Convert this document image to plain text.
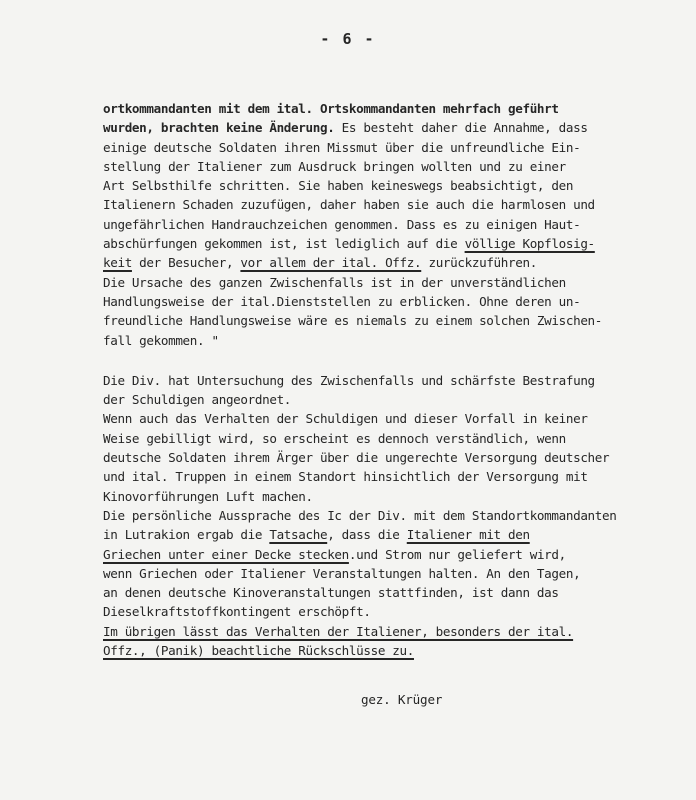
- 6 -
ortkommandanten mit dem ital. Ortskommandanten mehrfach geführt
wurden, brachten keine Änderung. Es besteht daher die Annahme, dass
einige deutsche Soldaten ihren Missmut über die unfreundliche Ein-
stellung der Italiener zum Ausdruck bringen wollten und zu einer
Art Selbsthilfe schritten. Sie haben keineswegs beabsichtigt, den
Italienern Schaden zuzufügen, daher haben sie auch die harmlosen und
ungefährlichen Handrauchzeichen genommen. Dass es zu einigen Haut-
abschürfungen gekommen ist, ist lediglich auf die völlige Kopflosig-
keit der Besucher, vor allem der ital. Offz. zurückzuführen.
Die Ursache des ganzen Zwischenfalls ist in der unverständlichen
Handlungsweise der ital.Dienststellen zu erblicken. Ohne deren un-
freundliche Handlungsweise wäre es niemals zu einem solchen Zwischen-
fall gekommen. "
Die Div. hat Untersuchung des Zwischenfalls und schärfste Bestrafung
der Schuldigen angeordnet.
Wenn auch das Verhalten der Schuldigen und dieser Vorfall in keiner
Weise gebilligt wird, so erscheint es dennoch verständlich, wenn
deutsche Soldaten ihrem Ärger über die ungerechte Versorgung deutscher
und ital. Truppen in einem Standort hinsichtlich der Versorgung mit
Kinovorführungen Luft machen.
Die persönliche Aussprache des Ic der Div. mit dem Standortkommandanten
in Lutrakion ergab die Tatsache, dass die Italiener mit den
Griechen unter einer Decke stecken.und Strom nur geliefert wird,
wenn Griechen oder Italiener Veranstaltungen halten. An den Tagen,
an denen deutsche Kinoveranstaltungen stattfinden, ist dann das
Dieselkraftstoffkontingent erschöpft.
Im übrigen lässt das Verhalten der Italiener, besonders der ital.
Offz., (Panik) beachtliche Rückschlüsse zu.
gez. Krüger
